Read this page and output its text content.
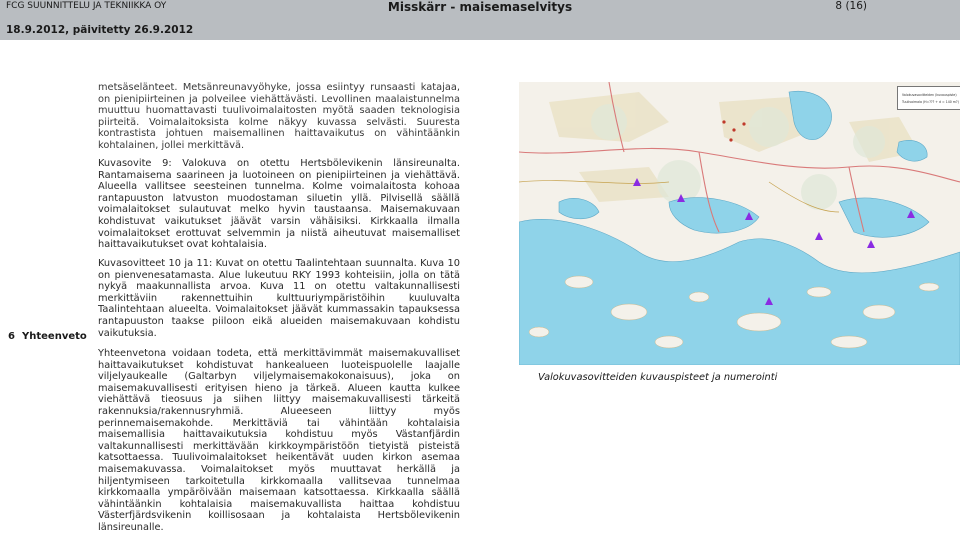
FCG SUUNNITTELU JA TEKNIIKKA OY
18.9.2012, päivitetty 26.9.2012
Misskärr - maisemaselvitys	8 (16)
metsäselänteet. Metsänreunavyöhyke, jossa esiintyy runsaasti katajaa, on pienipiirteinen ja polveilee viehättävästi. Levollinen maalaistunnelma muuttuu huomattavasti tuulivoimalaitosten myötä saaden teknologisia piirteitä. Voimalaitoksista kolme näkyy kuvassa selvästi. Suuresta kontrastista johtuen maisemallinen haittavaikutus on vähintäänkin kohtalainen, jollei merkittävä.
Kuvasovite 9: Valokuva on otettu Hertsbölevikenin länsireunalta. Rantamaisema saarineen ja luotoineen on pienipiirteinen ja viehättävä. Alueella vallitsee seesteinen tunnelma. Kolme voimalaitosta kohoaa rantapuuston latvuston muodostaman siluetin yllä. Pilvisellä säällä voimalaitokset sulautuvat melko hyvin taustaansa. Maisemakuvaan kohdistuvat vaikutukset jäävät varsin vähäisiksi. Kirkkaalla ilmalla voimalaitokset erottuvat selvemmin ja niistä aiheutuvat maisemalliset haittavaikutukset ovat kohtalaisia.
Kuvasovitteet 10 ja 11: Kuvat on otettu Taalintehtaan suunnalta. Kuva 10 on pienvenesatamasta. Alue lukeutuu RKY 1993 kohteisiin, jolla on tätä nykyä maakunnallista arvoa. Kuva 11 on otettu valtakunnallisesti merkittäviin rakennettuihin kulttuuriympäristöihin kuuluvalta Taalintehtaan alueelta. Voimalaitokset jäävät kummassakin tapauksessa rantapuuston taakse piiloon eikä alueiden maisemakuvaan kohdistu vaikutuksia.
6 Yhteenveto
Yhteenvetona voidaan todeta, että merkittävimmät maisemakuvalliset haittavaikutukset kohdistuvat hankealueen luoteispuolelle laajalle viljelyaukealle (Galtarbyn viljelymaisemakokonaisuus), joka on maisemakuvallisesti erityisen hieno ja tärkeä. Alueen kautta kulkee viehättävä tieosuus ja siihen liittyy maisemakuvallisesti tärkeitä rakennuksia/rakennusryhmiä. Alueeseen liittyy myös perinnemaisemakohde. Merkittäviä tai vähintään kohtalaisia maisemallisia haittavaikutuksia kohdistuu myös Västanfjärdin valtakunnallisesti merkittävään kirkkoympäristöön tietyistä pisteistä katsottaessa. Tuulivoimalaitokset heikentävät uuden kirkon asemaa maisemakuvassa. Voimalaitokset myös muuttavat herkällä ja hiljentymiseen tarkoitetulla kirkkomaalla vallitsevaa tunnelmaa kirkkomaalla ympäröivään maisemaan katsottaessa. Kirkkaalla säällä vähintäänkin kohtalaisia maisemakuvallista haittaa kohdistuu Västerfjärdsvikenin koillisosaan ja kohtalaista Hertsbölevikenin länsireunalle.
Valokuvasovitteiden (kuvauspiste)
Tuulivoimala (H=??? + d = 140 m?)
Valokuvasovitteiden kuvauspisteet ja numerointi
